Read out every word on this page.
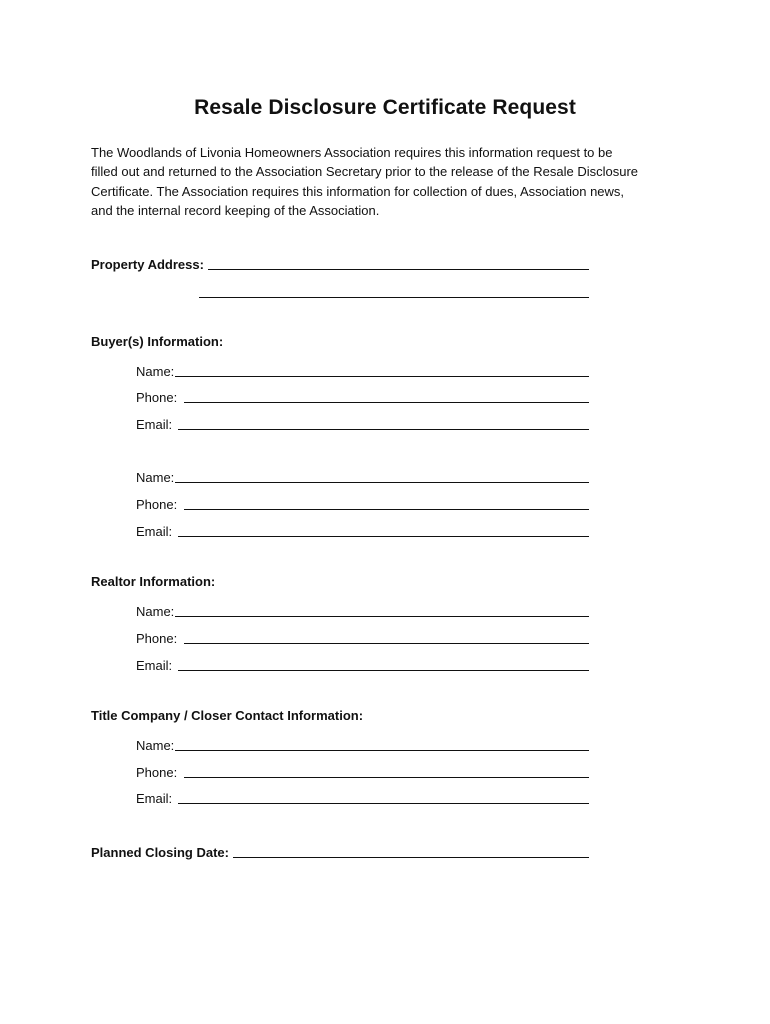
Resale Disclosure Certificate Request

The Woodlands of Livonia Homeowners Association requires this information request to be
filled out and returned to the Association Secretary prior to the release of the Resale Disclosure
Certificate. The Association requires this information for collection of dues, Association news,
and the internal record keeping of the Association.

Property Address:
Buyer(s) Information:
Name:
Phone:
Email:
Name:
Phone:
Email:
Realtor Information:
Name:
Phone:
Email:
Title Company / Closer Contact Information:
Name:
Phone:
Email:
Planned Closing Date:
